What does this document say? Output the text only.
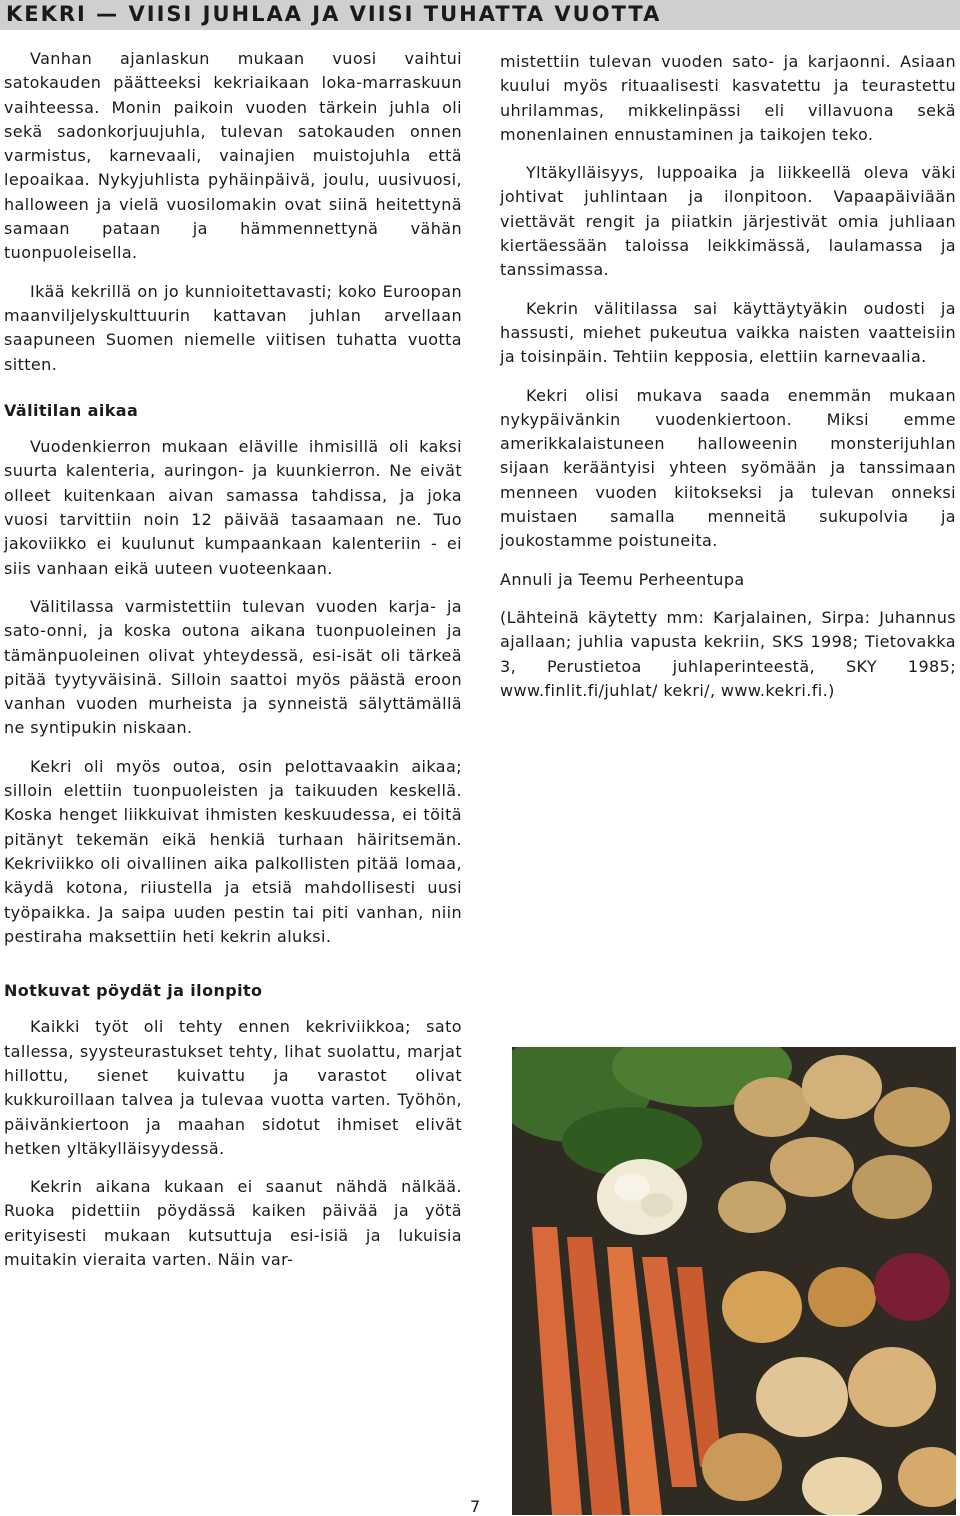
KEKRI — VIISI JUHLAA JA VIISI TUHATTA VUOTTA

Vanhan ajanlaskun mukaan vuosi vaihtui satokauden päätteeksi kekriaikaan loka-marraskuun vaihteessa. Monin paikoin vuoden tärkein juhla oli sekä sadonkorjuujuhla, tulevan satokauden onnen varmistus, karnevaali, vainajien muistojuhla että lepoaikaa. Nykyjuhlista pyhäinpäivä, joulu, uusivuosi, halloween ja vielä vuosilomakin ovat siinä heitettynä samaan pataan ja hämmennettynä vähän tuonpuoleisella.

Ikää kekrillä on jo kunnioitettavasti; koko Euroopan maanviljelyskulttuurin kattavan juhlan arvellaan saapuneen Suomen niemelle viitisen tuhatta vuotta sitten.

Välitilan aikaa

Vuodenkierron mukaan eläville ihmisillä oli kaksi suurta kalenteria, auringon- ja kuunkierron. Ne eivät olleet kuitenkaan aivan samassa tahdissa, ja joka vuosi tarvittiin noin 12 päivää tasaamaan ne. Tuo jakoviikko ei kuulunut kumpaankaan kalenteriin - ei siis vanhaan eikä uuteen vuoteenkaan.

Välitilassa varmistettiin tulevan vuoden karja- ja sato-onni, ja koska outona aikana tuonpuoleinen ja tämänpuoleinen olivat yhteydessä, esi-isät oli tärkeä pitää tyytyväisinä. Silloin saattoi myös päästä eroon vanhan vuoden murheista ja synneistä sälyttämällä ne syntipukin niskaan.

Kekri oli myös outoa, osin pelottavaakin aikaa; silloin elettiin tuonpuoleisten ja taikuuden keskellä. Koska henget liikkuivat ihmisten keskuudessa, ei töitä pitänyt tekemän eikä henkiä turhaan häiritsemän. Kekriviikko oli oivallinen aika palkollisten pitää lomaa, käydä kotona, riiustella ja etsiä mahdollisesti uusi työpaikka. Ja saipa uuden pestin tai piti vanhan, niin pestiraha maksettiin heti kekrin aluksi.

Notkuvat pöydät ja ilonpito

Kaikki työt oli tehty ennen kekriviikkoa; sato tallessa, syysteurastukset tehty, lihat suolattu, marjat hillottu, sienet kuivattu ja varastot olivat kukkuroillaan talvea ja tulevaa vuotta varten. Työhön, päivänkiertoon ja maahan sidotut ihmiset elivät hetken yltäkylläisyydessä.

Kekrin aikana kukaan ei saanut nähdä nälkää. Ruoka pidettiin pöydässä kaiken päivää ja yötä erityisesti mukaan kutsuttuja esi-isiä ja lukuisia muitakin vieraita varten. Näin var-

mistettiin tulevan vuoden sato- ja karjaonni. Asiaan kuului myös rituaalisesti kasvatettu ja teurastettu uhrilammas, mikkelinpässi eli villavuona sekä monenlainen ennustaminen ja taikojen teko.

Yltäkylläisyys, luppoaika ja liikkeellä oleva väki johtivat juhlintaan ja ilonpitoon. Vapaapäiviään viettävät rengit ja piiatkin järjestivät omia juhliaan kiertäessään taloissa leikkimässä, laulamassa ja tanssimassa.

Kekrin välitilassa sai käyttäytyäkin oudosti ja hassusti, miehet pukeutua vaikka naisten vaatteisiin ja toisinpäin. Tehtiin kepposia, elettiin karnevaalia.

Kekri olisi mukava saada enemmän mukaan nykypäivänkin vuodenkiertoon. Miksi emme amerikkalaistuneen halloweenin monsterijuhlan sijaan kerääntyisi yhteen syömään ja tanssimaan menneen vuoden kiitokseksi ja tulevan onneksi muistaen samalla menneitä sukupolvia ja joukostamme poistuneita.

Annuli ja Teemu Perheentupa

(Lähteinä käytetty mm: Karjalainen, Sirpa: Juhannus ajallaan; juhlia vapusta kekriin, SKS 1998; Tietovakka 3, Perustietoa juhlaperinteestä, SKY 1985; www.finlit.fi/juhlat/ kekri/, www.kekri.fi.)

7
